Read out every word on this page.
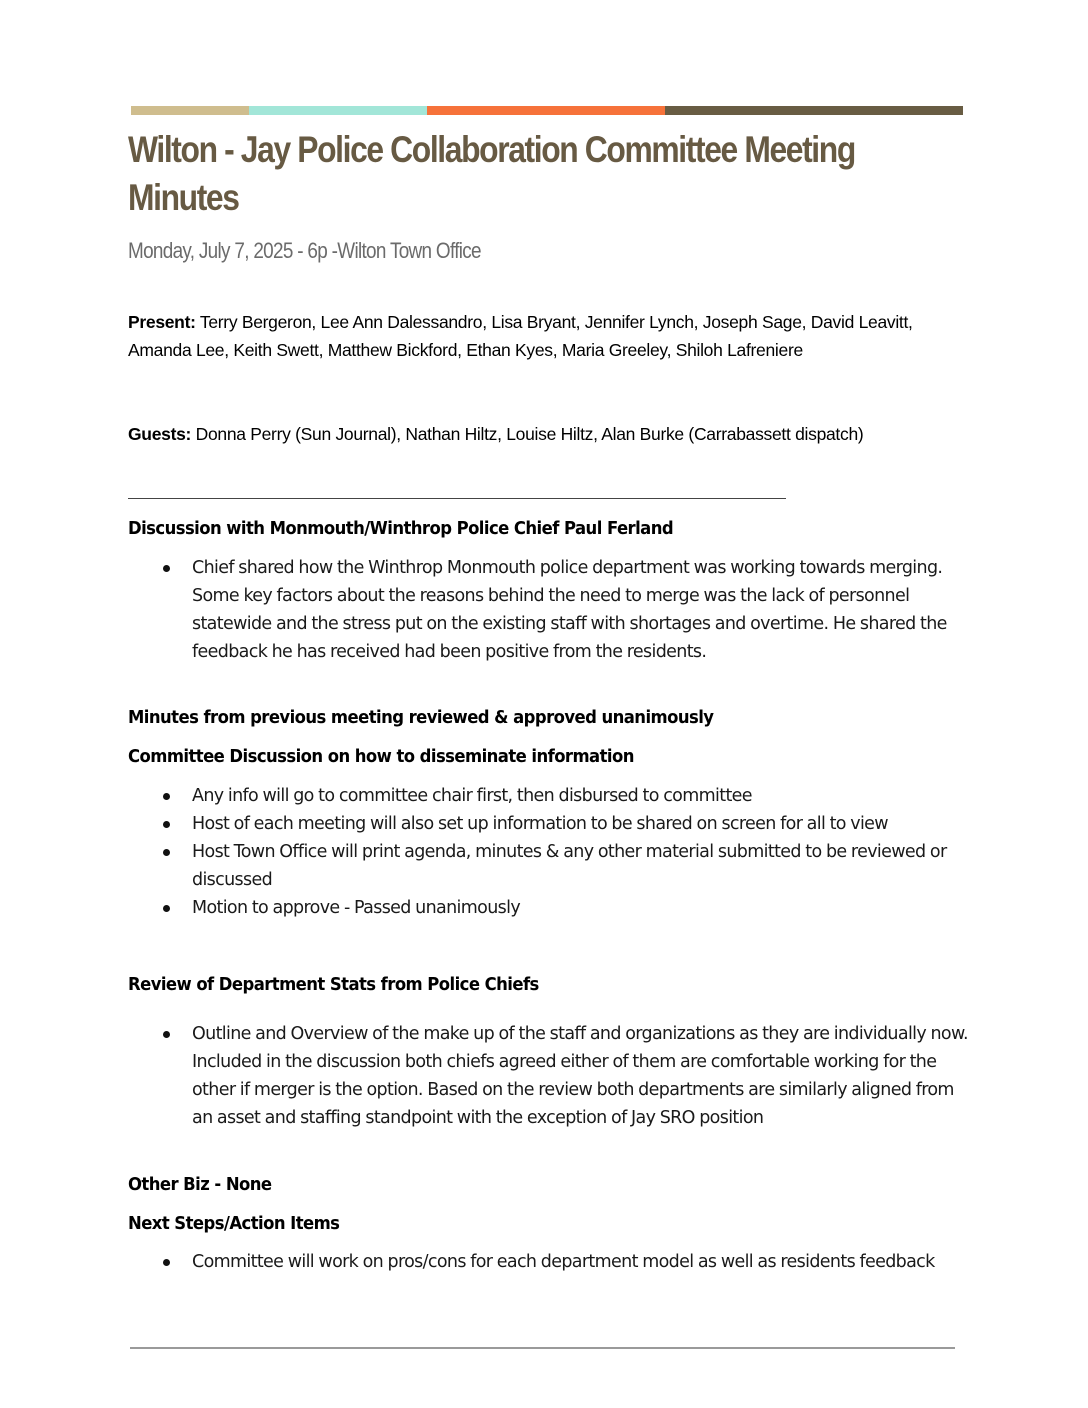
Wilton - Jay Police Collaboration Committee Meeting Minutes
Monday, July 7, 2025 - 6p -Wilton Town Office
Present: Terry Bergeron, Lee Ann Dalessandro, Lisa Bryant, Jennifer Lynch, Joseph Sage, David Leavitt, Amanda Lee, Keith Swett, Matthew Bickford, Ethan Kyes, Maria Greeley, Shiloh Lafreniere
Guests: Donna Perry (Sun Journal), Nathan Hiltz, Louise Hiltz, Alan Burke (Carrabassett dispatch)
Discussion with Monmouth/Winthrop Police Chief Paul Ferland
Chief shared how the Winthrop Monmouth police department was working towards merging. Some key factors about the reasons behind the need to merge was the lack of personnel statewide and the stress put on the existing staff with shortages and overtime. He shared the feedback he has received had been positive from the residents.
Minutes from previous meeting reviewed & approved unanimously
Committee Discussion on how to disseminate information
Any info will go to committee chair first, then disbursed to committee
Host of each meeting will also set up information to be shared on screen for all to view
Host Town Office will print agenda, minutes & any other material submitted to be reviewed or discussed
Motion to approve - Passed unanimously
Review of Department Stats from Police Chiefs
Outline and Overview of the make up of the staff and organizations as they are individually now. Included in the discussion both chiefs agreed either of them are comfortable working for the other if merger is the option. Based on the review both departments are similarly aligned from an asset and staffing standpoint with the exception of Jay SRO position
Other Biz - None
Next Steps/Action Items
Committee will work on pros/cons for each department model as well as residents feedback
